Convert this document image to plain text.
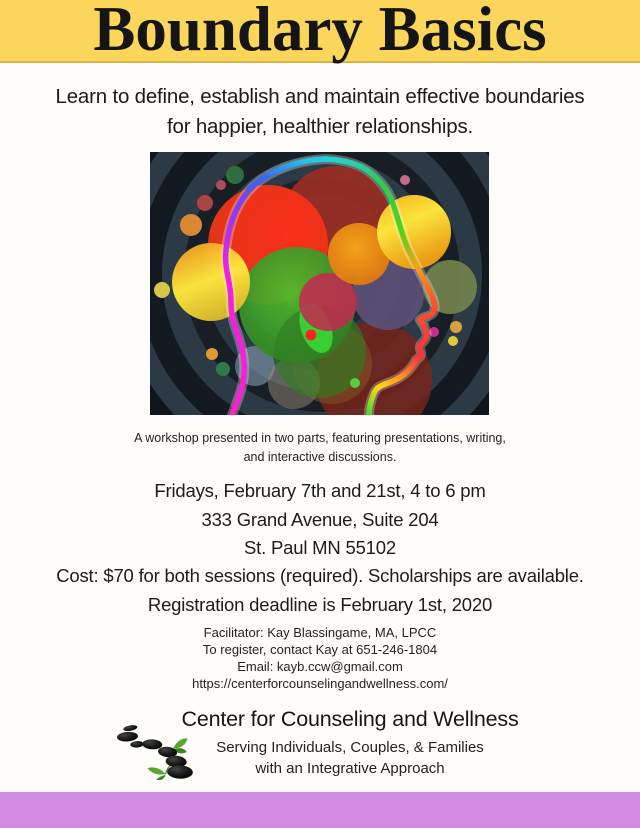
Boundary Basics
Learn to define, establish and maintain effective boundaries
for happier, healthier relationships.
A workshop presented in two parts, featuring presentations, writing,
and interactive discussions.
Fridays, February 7th and 21st, 4 to 6 pm
333 Grand Avenue, Suite 204
St. Paul MN 55102
Cost: $70 for both sessions (required). Scholarships are available.
Registration deadline is February 1st, 2020
Facilitator: Kay Blassingame, MA, LPCC
To register, contact Kay at 651-246-1804
Email: kayb.ccw@gmail.com
https://centerforcounselingandwellness.com/
Center for Counseling and Wellness
Serving Individuals, Couples, & Families
with an Integrative Approach
